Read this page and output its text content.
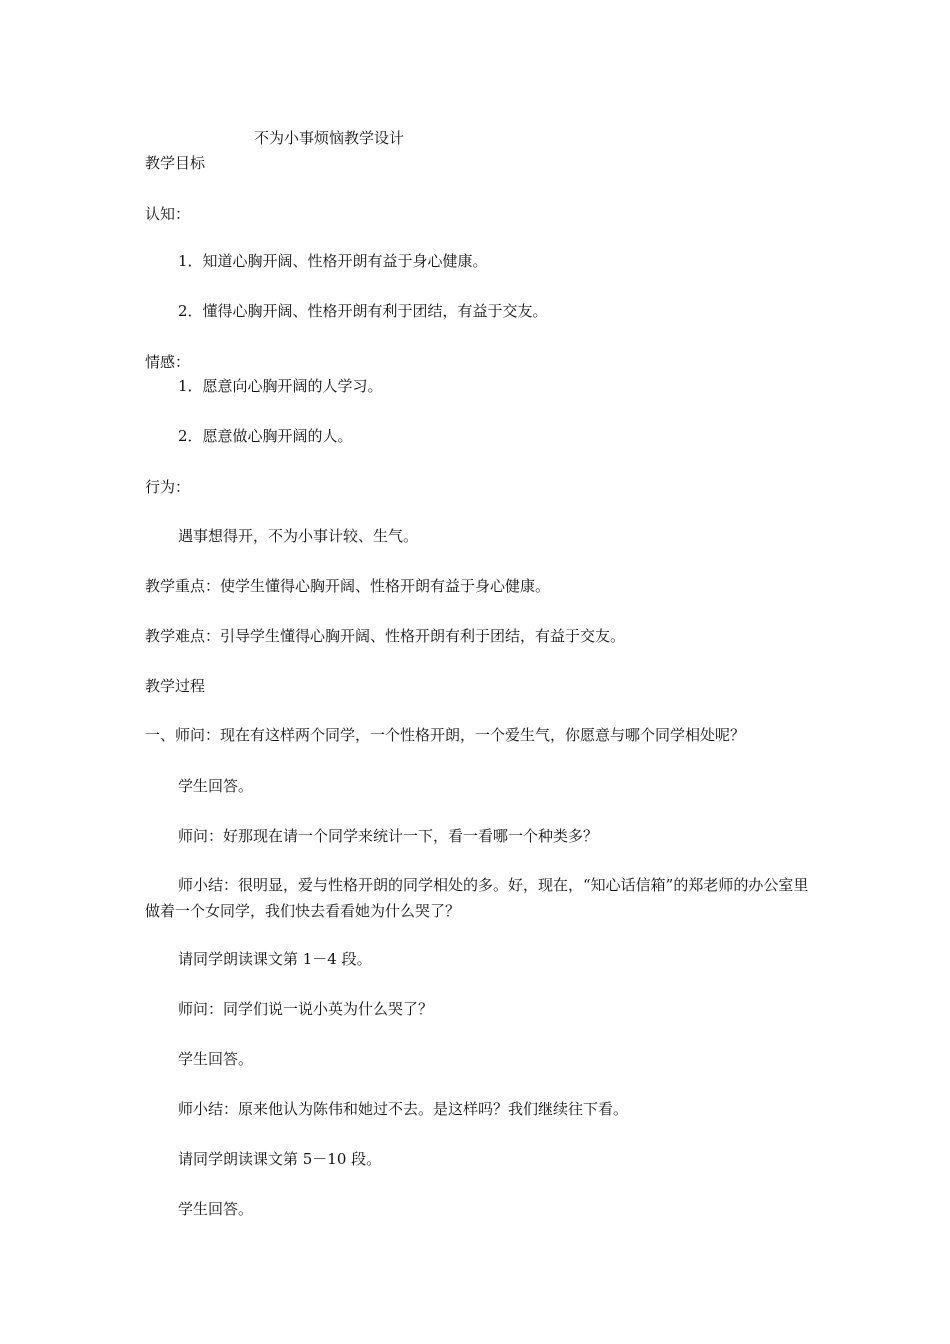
不为小事烦恼教学设计
教学目标
认知：
1．知道心胸开阔、性格开朗有益于身心健康。
2．懂得心胸开阔、性格开朗有利于团结，有益于交友。
情感：
1．愿意向心胸开阔的人学习。
2．愿意做心胸开阔的人。
行为：
遇事想得开，不为小事计较、生气。
教学重点：使学生懂得心胸开阔、性格开朗有益于身心健康。
教学难点：引导学生懂得心胸开阔、性格开朗有利于团结，有益于交友。
教学过程
一、师问：现在有这样两个同学，一个性格开朗，一个爱生气，你愿意与哪个同学相处呢？
学生回答。
师问：好那现在请一个同学来统计一下，看一看哪一个种类多？
师小结：很明显，爱与性格开朗的同学相处的多。好，现在，“知心话信箱”的郑老师的办公室里做着一个女同学，我们快去看看她为什么哭了？
请同学朗读课文第 1－4 段。
师问：同学们说一说小英为什么哭了？
学生回答。
师小结：原来他认为陈伟和她过不去。是这样吗？我们继续往下看。
请同学朗读课文第 5－10 段。
学生回答。
